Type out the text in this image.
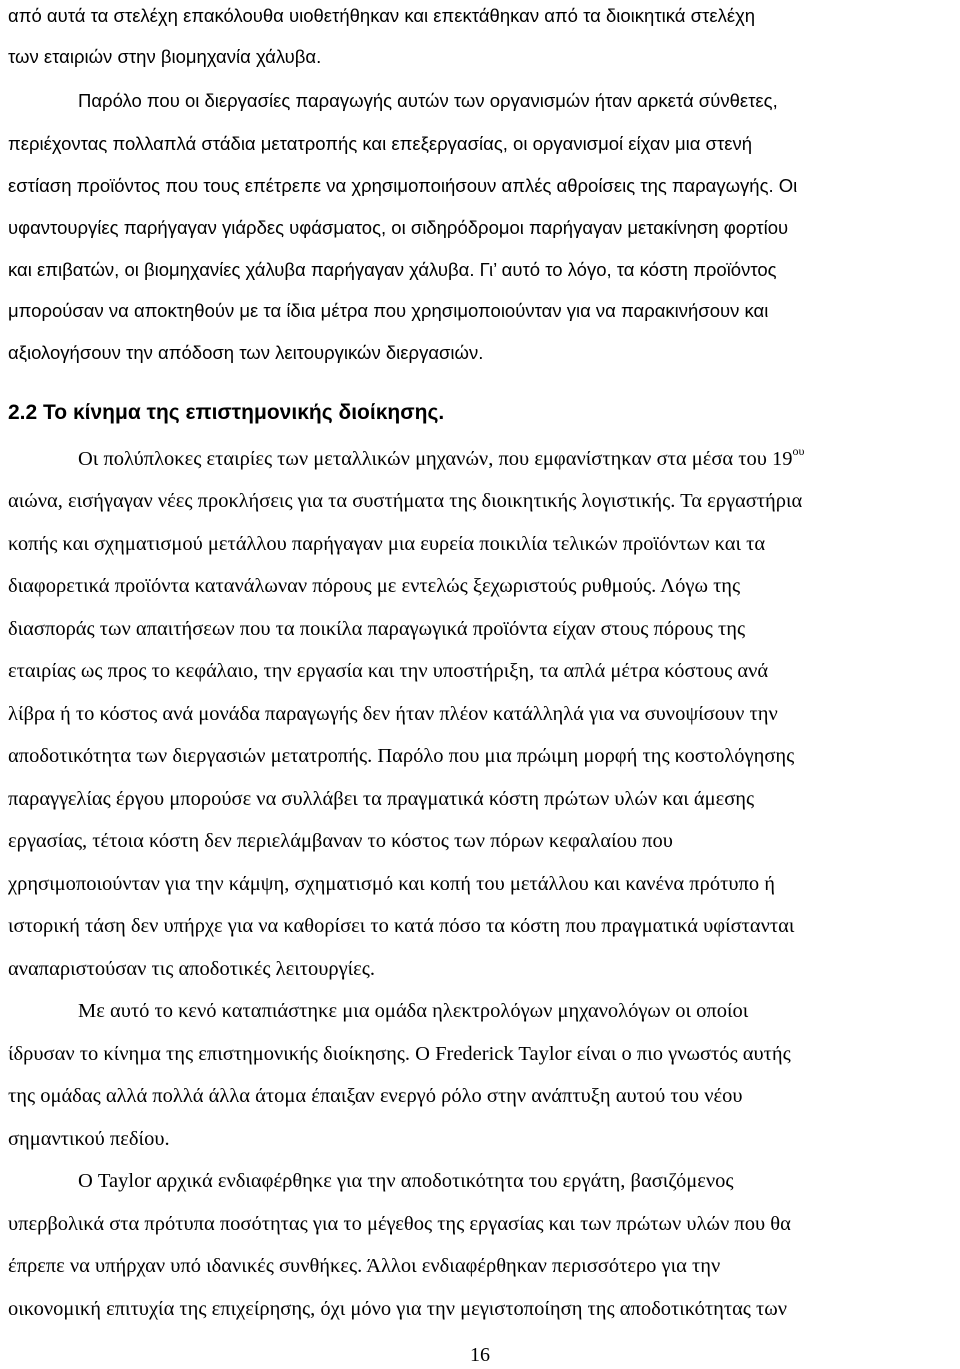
από αυτά τα στελέχη επακόλουθα υιοθετήθηκαν και επεκτάθηκαν από τα διοικητικά στελέχη
των εταιριών στην βιομηχανία χάλυβα.
Παρόλο που οι διεργασίες παραγωγής αυτών των οργανισμών ήταν αρκετά σύνθετες,
περιέχοντας πολλαπλά στάδια μετατροπής και επεξεργασίας, οι οργανισμοί είχαν μια στενή
εστίαση προϊόντος που τους επέτρεπε να χρησιμοποιήσουν απλές αθροίσεις της παραγωγής. Οι
υφαντουργίες παρήγαγαν γιάρδες υφάσματος, οι σιδηρόδρομοι παρήγαγαν μετακίνηση φορτίου
και επιβατών, οι βιομηχανίες χάλυβα παρήγαγαν χάλυβα. Γι’ αυτό το λόγο, τα κόστη προϊόντος
μπορούσαν να αποκτηθούν με τα ίδια μέτρα που χρησιμοποιούνταν για να παρακινήσουν και
αξιολογήσουν την απόδοση των λειτουργικών διεργασιών.
2.2 Το κίνημα της επιστημονικής διοίκησης.
Οι πολύπλοκες εταιρίες των μεταλλικών μηχανών, που εμφανίστηκαν στα μέσα του $19^{o\upsilon}$
αιώνα, εισήγαγαν νέες προκλήσεις για τα συστήματα της διοικητικής λογιστικής. Τα εργαστήρια
κοπής και σχηματισμού μετάλλου παρήγαγαν μια ευρεία ποικιλία τελικών προϊόντων και τα
διαφορετικά προϊόντα κατανάλωναν πόρους με εντελώς ξεχωριστούς ρυθμούς. Λόγω της
διασποράς των απαιτήσεων που τα ποικίλα παραγωγικά προϊόντα είχαν στους πόρους της
εταιρίας ως προς το κεφάλαιο, την εργασία και την υποστήριξη, τα απλά μέτρα κόστους ανά
λίβρα ή το κόστος ανά μονάδα παραγωγής δεν ήταν πλέον κατάλληλά για να συνοψίσουν την
αποδοτικότητα των διεργασιών μετατροπής. Παρόλο που μια πρώιμη μορφή της κοστολόγησης
παραγγελίας έργου μπορούσε να συλλάβει τα πραγματικά κόστη πρώτων υλών και άμεσης
εργασίας, τέτοια κόστη δεν περιελάμβαναν το κόστος των πόρων κεφαλαίου που
χρησιμοποιούνταν για την κάμψη, σχηματισμό και κοπή του μετάλλου και κανένα πρότυπο ή
ιστορική τάση δεν υπήρχε για να καθορίσει το κατά πόσο τα κόστη που πραγματικά υφίστανται
αναπαριστούσαν τις αποδοτικές λειτουργίες.
Με αυτό το κενό καταπιάστηκε μια ομάδα ηλεκτρολόγων μηχανολόγων οι οποίοι
ίδρυσαν το κίνημα της επιστημονικής διοίκησης. Ο Frederick Taylor είναι ο πιο γνωστός αυτής
της ομάδας αλλά πολλά άλλα άτομα έπαιξαν ενεργό ρόλο στην ανάπτυξη αυτού του νέου
σημαντικού πεδίου.
Ο Taylor αρχικά ενδιαφέρθηκε για την αποδοτικότητα του εργάτη, βασιζόμενος
υπερβολικά στα πρότυπα ποσότητας για το μέγεθος της εργασίας και των πρώτων υλών που θα
έπρεπε να υπήρχαν υπό ιδανικές συνθήκες. Άλλοι ενδιαφέρθηκαν περισσότερο για την
οικονομική επιτυχία της επιχείρησης, όχι μόνο για την μεγιστοποίηση της αποδοτικότητας των
16
